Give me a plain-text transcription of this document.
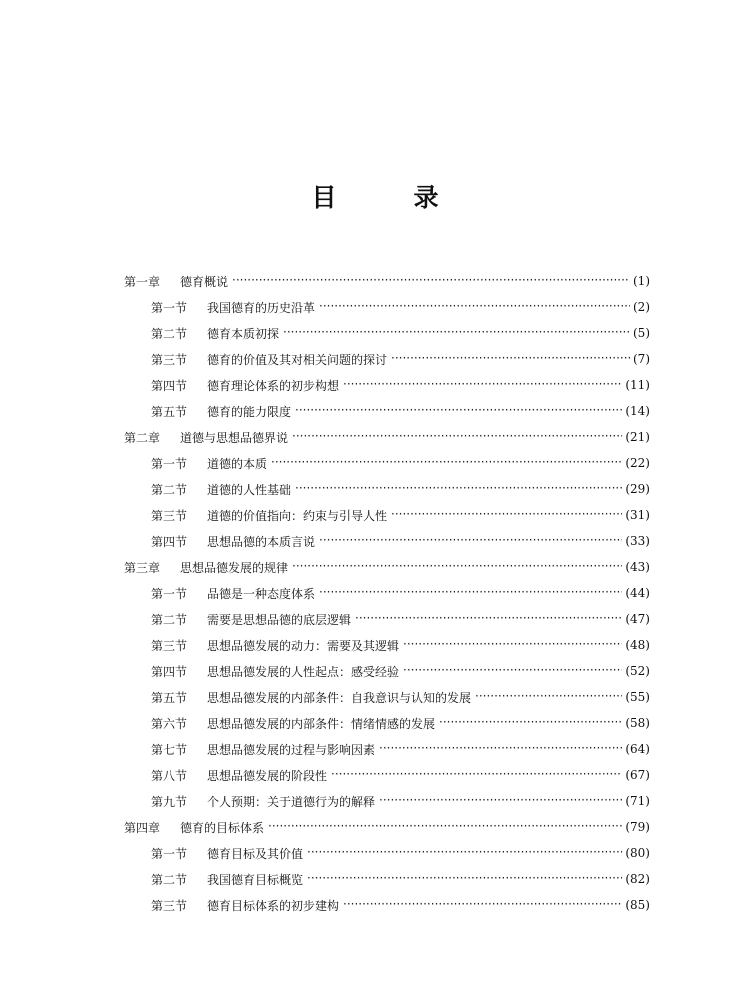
目　录
第一章	德育概说 ·····	(1)
第一节	我国德育的历史沿革 ·····	(2)
第二节	德育本质初探 ·····	(5)
第三节	德育的价值及其对相关问题的探讨 ·····	(7)
第四节	德育理论体系的初步构想 ·····	(11)
第五节	德育的能力限度 ·····	(14)
第二章	道德与思想品德界说 ·····	(21)
第一节	道德的本质 ·····	(22)
第二节	道德的人性基础 ·····	(29)
第三节	道德的价值指向：约束与引导人性 ·····	(31)
第四节	思想品德的本质言说 ·····	(33)
第三章	思想品德发展的规律 ·····	(43)
第一节	品德是一种态度体系 ·····	(44)
第二节	需要是思想品德的底层逻辑 ·····	(47)
第三节	思想品德发展的动力：需要及其逻辑 ·····	(48)
第四节	思想品德发展的人性起点：感受经验 ·····	(52)
第五节	思想品德发展的内部条件：自我意识与认知的发展 ·····	(55)
第六节	思想品德发展的内部条件：情绪情感的发展 ·····	(58)
第七节	思想品德发展的过程与影响因素 ·····	(64)
第八节	思想品德发展的阶段性 ·····	(67)
第九节	个人预期：关于道德行为的解释 ·····	(71)
第四章	德育的目标体系 ·····	(79)
第一节	德育目标及其价值 ·····	(80)
第二节	我国德育目标概览 ·····	(82)
第三节	德育目标体系的初步建构 ·····	(85)
